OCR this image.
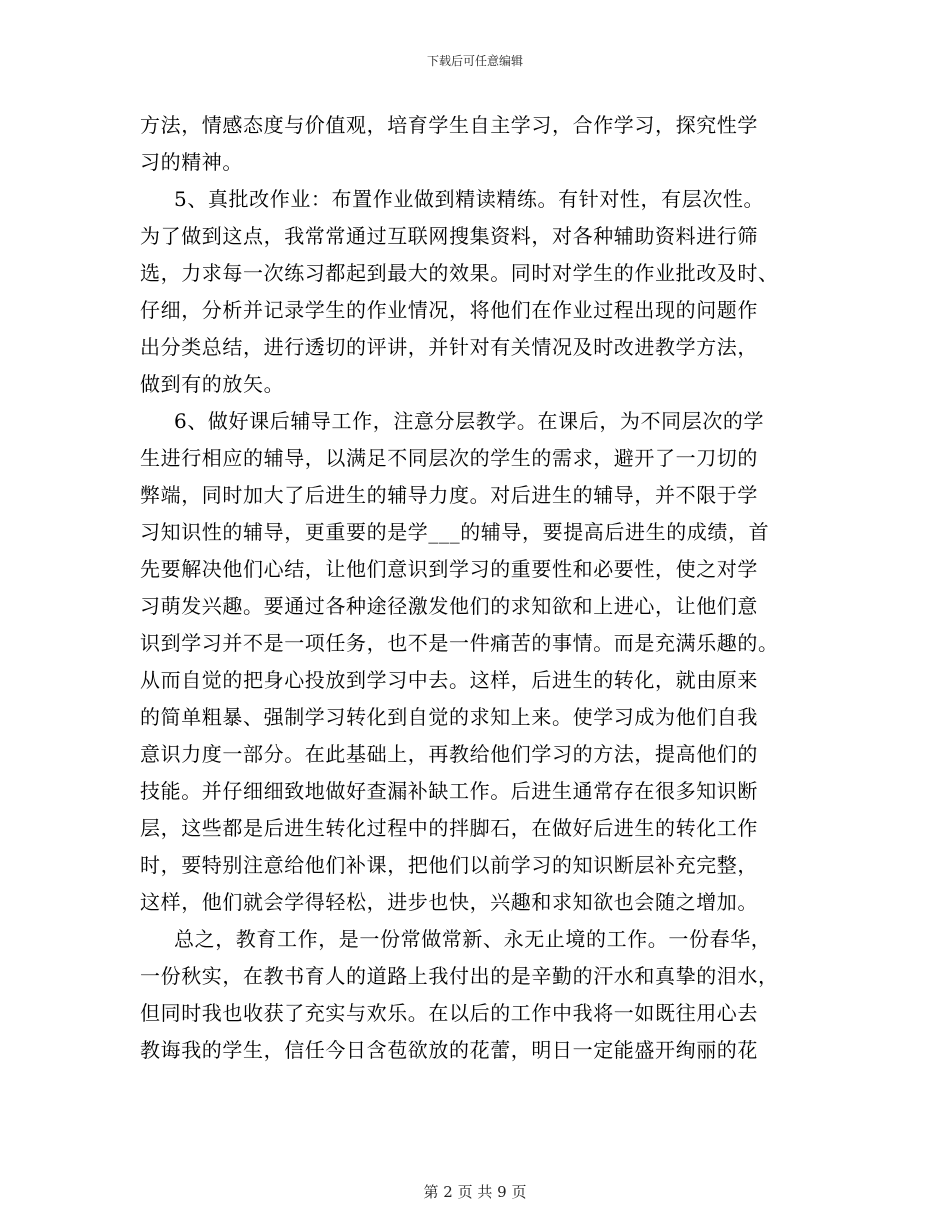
下载后可任意编辑
方法，情感态度与价值观，培育学生自主学习，合作学习，探究性学
习的精神。
5、真批改作业：布置作业做到精读精练。有针对性，有层次性。
为了做到这点，我常常通过互联网搜集资料，对各种辅助资料进行筛
选，力求每一次练习都起到最大的效果。同时对学生的作业批改及时、
仔细，分析并记录学生的作业情况，将他们在作业过程出现的问题作
出分类总结，进行透切的评讲，并针对有关情况及时改进教学方法，
做到有的放矢。
6、做好课后辅导工作，注意分层教学。在课后，为不同层次的学
生进行相应的辅导，以满足不同层次的学生的需求，避开了一刀切的
弊端，同时加大了后进生的辅导力度。对后进生的辅导，并不限于学
习知识性的辅导，更重要的是学___的辅导，要提高后进生的成绩，首
先要解决他们心结，让他们意识到学习的重要性和必要性，使之对学
习萌发兴趣。要通过各种途径激发他们的求知欲和上进心，让他们意
识到学习并不是一项任务，也不是一件痛苦的事情。而是充满乐趣的。
从而自觉的把身心投放到学习中去。这样，后进生的转化，就由原来
的简单粗暴、强制学习转化到自觉的求知上来。使学习成为他们自我
意识力度一部分。在此基础上，再教给他们学习的方法，提高他们的
技能。并仔细细致地做好查漏补缺工作。后进生通常存在很多知识断
层，这些都是后进生转化过程中的拌脚石，在做好后进生的转化工作
时，要特别注意给他们补课，把他们以前学习的知识断层补充完整，
这样，他们就会学得轻松，进步也快，兴趣和求知欲也会随之增加。
总之，教育工作，是一份常做常新、永无止境的工作。一份春华，
一份秋实，在教书育人的道路上我付出的是辛勤的汗水和真挚的泪水，
但同时我也收获了充实与欢乐。在以后的工作中我将一如既往用心去
教诲我的学生，信任今日含苞欲放的花蕾，明日一定能盛开绚丽的花
第 2 页 共 9 页
